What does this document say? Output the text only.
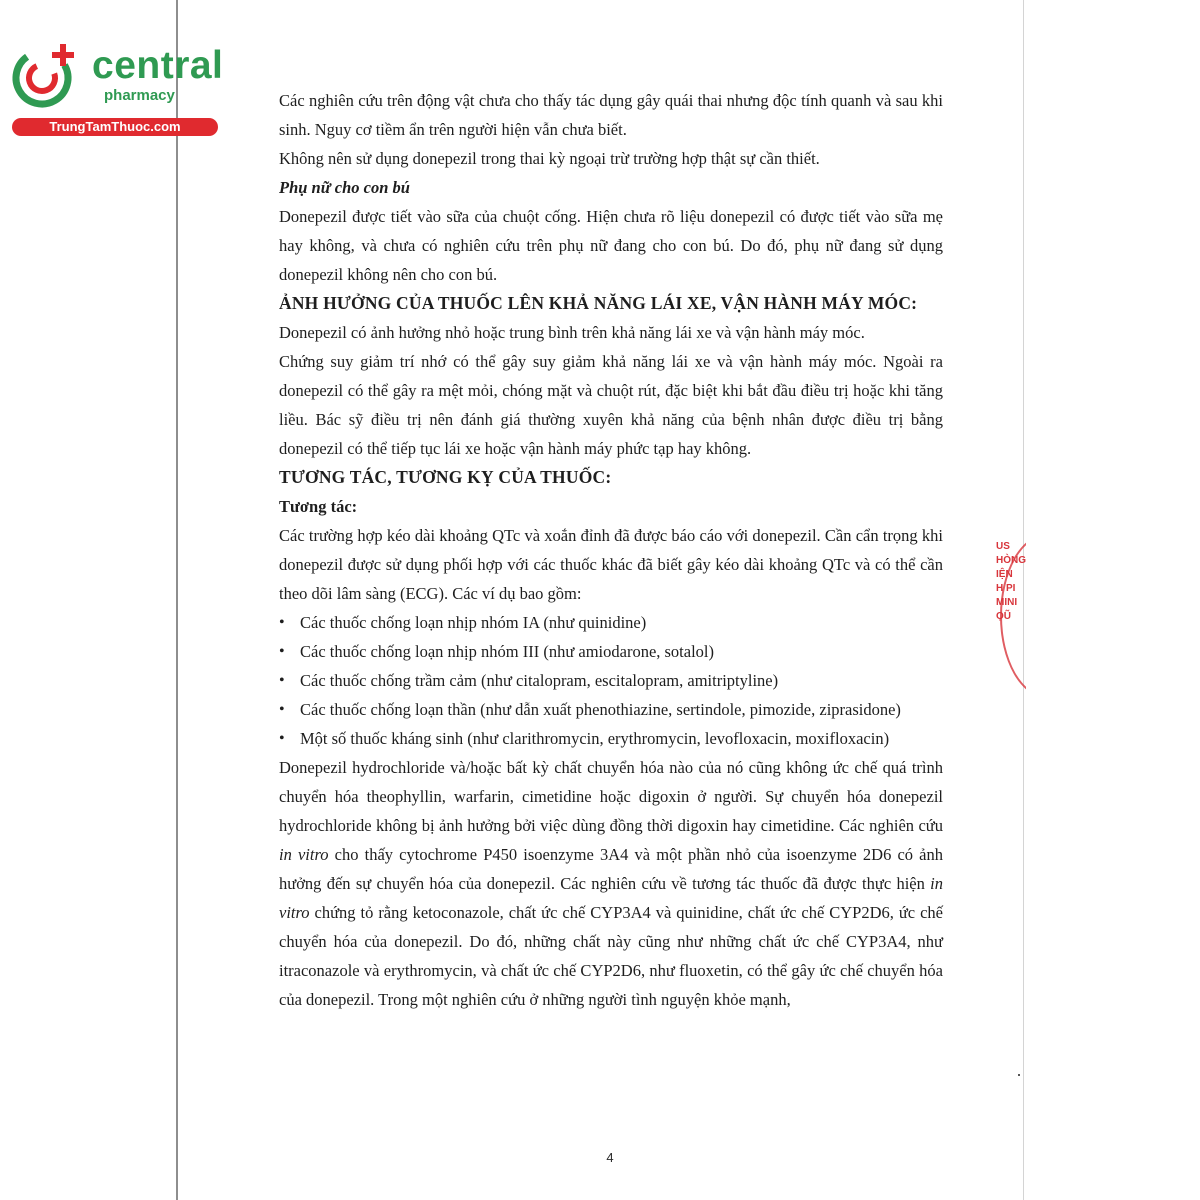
central
pharmacy
TrungTamThuoc.com

Các nghiên cứu trên động vật chưa cho thấy tác dụng gây quái thai nhưng độc tính quanh và sau khi sinh. Nguy cơ tiềm ẩn trên người hiện vẫn chưa biết.

Không nên sử dụng donepezil trong thai kỳ ngoại trừ trường hợp thật sự cần thiết.

Phụ nữ cho con bú

Donepezil được tiết vào sữa của chuột cống. Hiện chưa rõ liệu donepezil có được tiết vào sữa mẹ hay không, và chưa có nghiên cứu trên phụ nữ đang cho con bú. Do đó, phụ nữ đang sử dụng donepezil không nên cho con bú.

ẢNH HƯỞNG CỦA THUỐC LÊN KHẢ NĂNG LÁI XE, VẬN HÀNH MÁY MÓC:

Donepezil có ảnh hưởng nhỏ hoặc trung bình trên khả năng lái xe và vận hành máy móc.

Chứng suy giảm trí nhớ có thể gây suy giảm khả năng lái xe và vận hành máy móc. Ngoài ra donepezil có thể gây ra mệt mỏi, chóng mặt và chuột rút, đặc biệt khi bắt đầu điều trị hoặc khi tăng liều. Bác sỹ điều trị nên đánh giá thường xuyên khả năng của bệnh nhân được điều trị bằng donepezil có thể tiếp tục lái xe hoặc vận hành máy phức tạp hay không.

TƯƠNG TÁC, TƯƠNG KỴ CỦA THUỐC:

Tương tác:

Các trường hợp kéo dài khoảng QTc và xoắn đỉnh đã được báo cáo với donepezil. Cần cẩn trọng khi donepezil được sử dụng phối hợp với các thuốc khác đã biết gây kéo dài khoảng QTc và có thể cần theo dõi lâm sàng (ECG). Các ví dụ bao gồm:

• Các thuốc chống loạn nhịp nhóm IA (như quinidine)
• Các thuốc chống loạn nhịp nhóm III (như amiodarone, sotalol)
• Các thuốc chống trầm cảm (như citalopram, escitalopram, amitriptyline)
• Các thuốc chống loạn thần (như dẫn xuất phenothiazine, sertindole, pimozide, ziprasidone)
• Một số thuốc kháng sinh (như clarithromycin, erythromycin, levofloxacin, moxifloxacin)

Donepezil hydrochloride và/hoặc bất kỳ chất chuyển hóa nào của nó cũng không ức chế quá trình chuyển hóa theophyllin, warfarin, cimetidine hoặc digoxin ở người. Sự chuyển hóa donepezil hydrochloride không bị ảnh hưởng bởi việc dùng đồng thời digoxin hay cimetidine. Các nghiên cứu in vitro cho thấy cytochrome P450 isoenzyme 3A4 và một phần nhỏ của isoenzyme 2D6 có ảnh hưởng đến sự chuyển hóa của donepezil. Các nghiên cứu về tương tác thuốc đã được thực hiện in vitro chứng tỏ rằng ketoconazole, chất ức chế CYP3A4 và quinidine, chất ức chế CYP2D6, ức chế chuyển hóa của donepezil. Do đó, những chất này cũng như những chất ức chế CYP3A4, như itraconazole và erythromycin, và chất ức chế CYP2D6, như fluoxetin, có thể gây ức chế chuyển hóa của donepezil. Trong một nghiên cứu ở những người tình nguyện khỏe mạnh,

US
HÒNG
IỆN
H PI
MINI
ỌŨ
4
